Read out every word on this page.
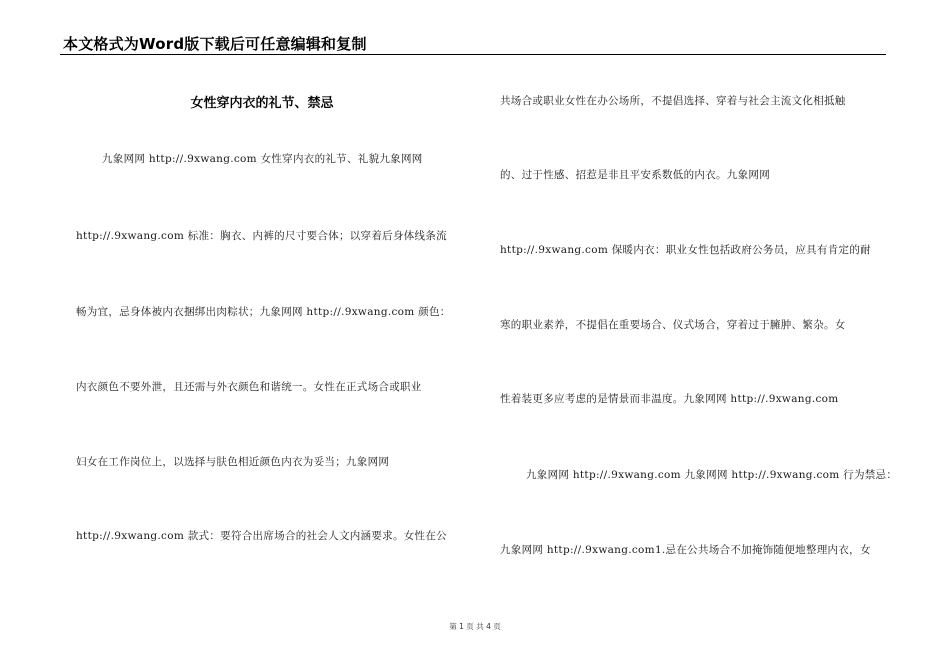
本文格式为Word版下载后可任意编辑和复制
女性穿内衣的礼节、禁忌
九象网网 http://.9xwang.com 女性穿内衣的礼节、礼貌九象网网
http://.9xwang.com 标准：胸衣、内裤的尺寸要合体；以穿着后身体线条流
畅为宜，忌身体被内衣捆绑出肉粽状；九象网网 http://.9xwang.com 颜色：
内衣颜色不要外泄，且还需与外衣颜色和谐统一。女性在正式场合或职业
妇女在工作岗位上，以选择与肤色相近颜色内衣为妥当；九象网网
http://.9xwang.com 款式：要符合出席场合的社会人文内涵要求。女性在公
共场合或职业女性在办公场所，不提倡选择、穿着与社会主流文化相抵触
的、过于性感、招惹是非且平安系数低的内衣。九象网网
http://.9xwang.com 保暖内衣：职业女性包括政府公务员，应具有肯定的耐
寒的职业素养，不提倡在重要场合、仪式场合，穿着过于臃肿、繁杂。女
性着装更多应考虑的是情景而非温度。九象网网 http://.9xwang.com
九象网网 http://.9xwang.com 九象网网 http://.9xwang.com 行为禁忌：
九象网网 http://.9xwang.com1.忌在公共场合不加掩饰随便地整理内衣，女
第 1 页 共 4 页
